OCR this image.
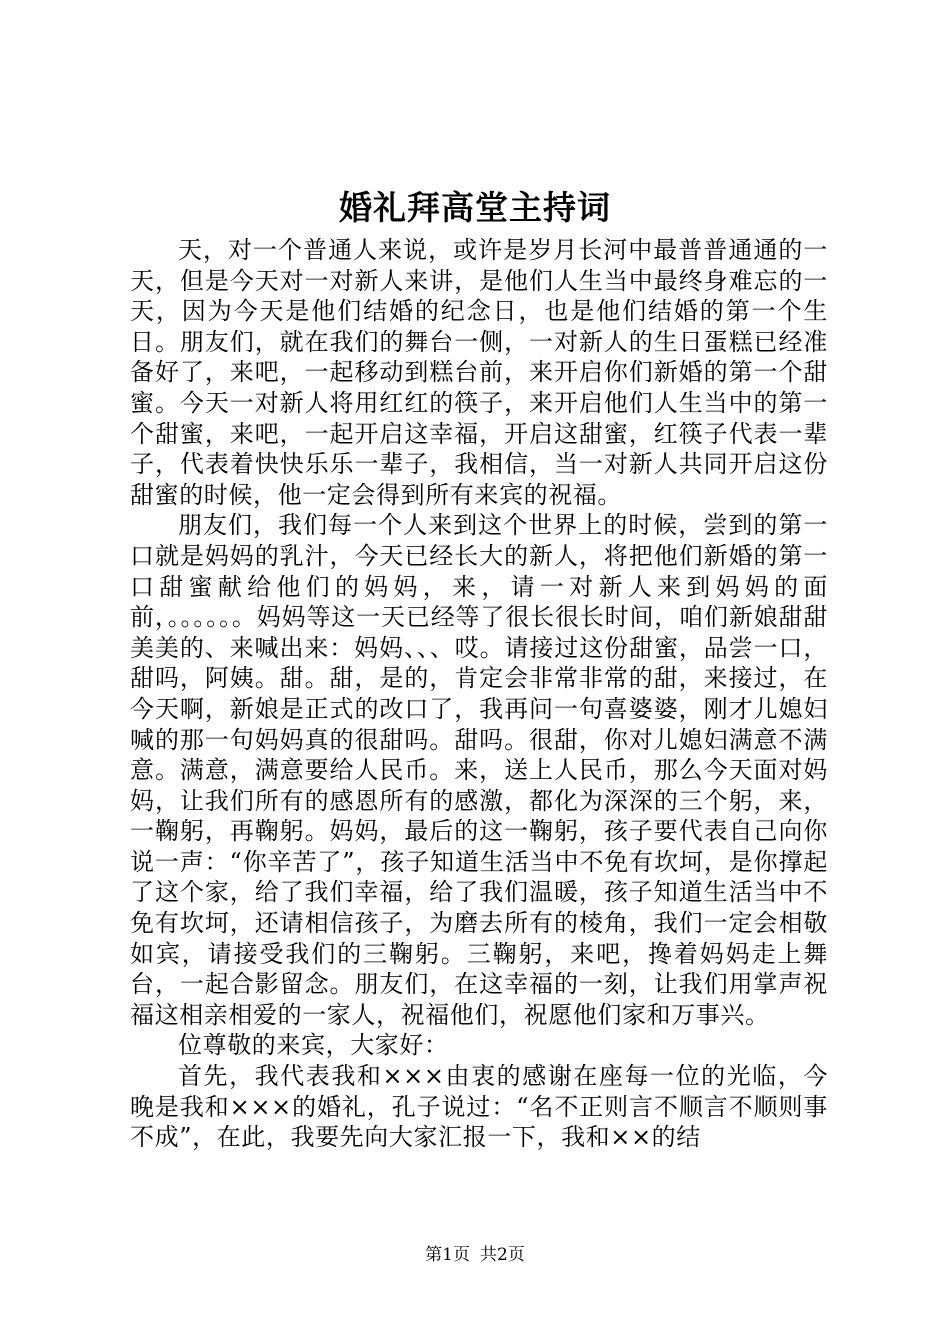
婚礼拜高堂主持词

天，对一个普通人来说，或许是岁月长河中最普普通通的一天，但是今天对一对新人来讲，是他们人生当中最终身难忘的一天，因为今天是他们结婚的纪念日，也是他们结婚的第一个生日。朋友们，就在我们的舞台一侧，一对新人的生日蛋糕已经准备好了，来吧，一起移动到糕台前，来开启你们新婚的第一个甜蜜。今天一对新人将用红红的筷子，来开启他们人生当中的第一个甜蜜，来吧，一起开启这幸福，开启这甜蜜，红筷子代表一辈子，代表着快快乐乐一辈子，我相信，当一对新人共同开启这份甜蜜的时候，他一定会得到所有来宾的祝福。

朋友们，我们每一个人来到这个世界上的时候，尝到的第一口就是妈妈的乳汁，今天已经长大的新人，将把他们新婚的第一口甜蜜献给他们的妈妈，来，请一对新人来到妈妈的面前，。。。。。。妈妈等这一天已经等了很长很长时间，咱们新娘甜甜美美的、来喊出来：妈妈、、、哎。请接过这份甜蜜，品尝一口，甜吗，阿姨。甜。甜，是的，肯定会非常非常的甜，来接过，在今天啊，新娘是正式的改口了，我再问一句喜婆婆，刚才儿媳妇喊的那一句妈妈真的很甜吗。甜吗。很甜，你对儿媳妇满意不满意。满意，满意要给人民币。来，送上人民币，那么今天面对妈妈，让我们所有的感恩所有的感激，都化为深深的三个躬，来，一鞠躬，再鞠躬。妈妈，最后的这一鞠躬，孩子要代表自己向你说一声：“你辛苦了”，孩子知道生活当中不免有坎坷，是你撑起了这个家，给了我们幸福，给了我们温暖，孩子知道生活当中不免有坎坷，还请相信孩子，为磨去所有的棱角，我们一定会相敬如宾，请接受我们的三鞠躬。三鞠躬，来吧，搀着妈妈走上舞台，一起合影留念。朋友们，在这幸福的一刻，让我们用掌声祝福这相亲相爱的一家人，祝福他们，祝愿他们家和万事兴。

位尊敬的来宾，大家好：

首先，我代表我和×××由衷的感谢在座每一位的光临，今晚是我和×××的婚礼，孔子说过：“名不正则言不顺言不顺则事不成”，在此，我要先向大家汇报一下，我和××的结

第1页 共2页
